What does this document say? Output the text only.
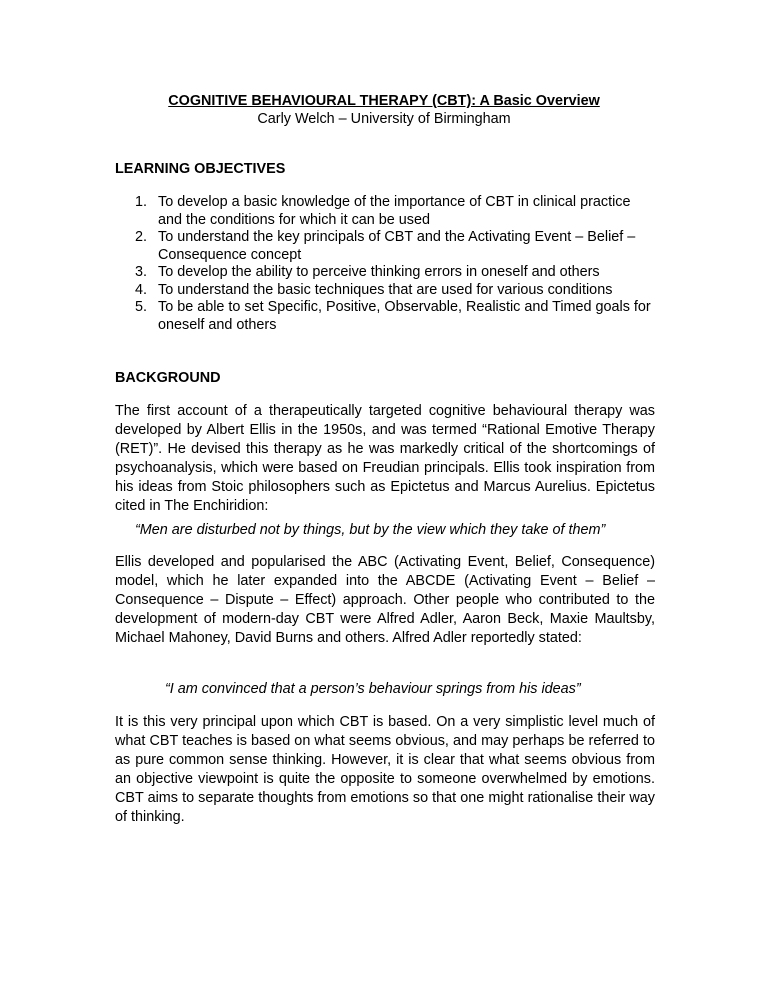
COGNITIVE BEHAVIOURAL THERAPY (CBT): A Basic Overview
Carly Welch – University of Birmingham
LEARNING OBJECTIVES
1. To develop a basic knowledge of the importance of CBT in clinical practice and the conditions for which it can be used
2. To understand the key principals of CBT and the Activating Event – Belief – Consequence concept
3. To develop the ability to perceive thinking errors in oneself and others
4. To understand the basic techniques that are used for various conditions
5. To be able to set Specific, Positive, Observable, Realistic and Timed goals for oneself and others
BACKGROUND

The first account of a therapeutically targeted cognitive behavioural therapy was developed by Albert Ellis in the 1950s, and was termed “Rational Emotive Therapy (RET)”. He devised this therapy as he was markedly critical of the shortcomings of psychoanalysis, which were based on Freudian principals. Ellis took inspiration from his ideas from Stoic philosophers such as Epictetus and Marcus Aurelius. Epictetus cited in The Enchiridion:

“Men are disturbed not by things, but by the view which they take of them”

Ellis developed and popularised the ABC (Activating Event, Belief, Consequence) model, which he later expanded into the ABCDE (Activating Event – Belief – Consequence – Dispute – Effect) approach. Other people who contributed to the development of modern-day CBT were Alfred Adler, Aaron Beck, Maxie Maultsby, Michael Mahoney, David Burns and others. Alfred Adler reportedly stated:

“I am convinced that a person’s behaviour springs from his ideas”

It is this very principal upon which CBT is based. On a very simplistic level much of what CBT teaches is based on what seems obvious, and may perhaps be referred to as pure common sense thinking. However, it is clear that what seems obvious from an objective viewpoint is quite the opposite to someone overwhelmed by emotions. CBT aims to separate thoughts from emotions so that one might rationalise their way of thinking.
